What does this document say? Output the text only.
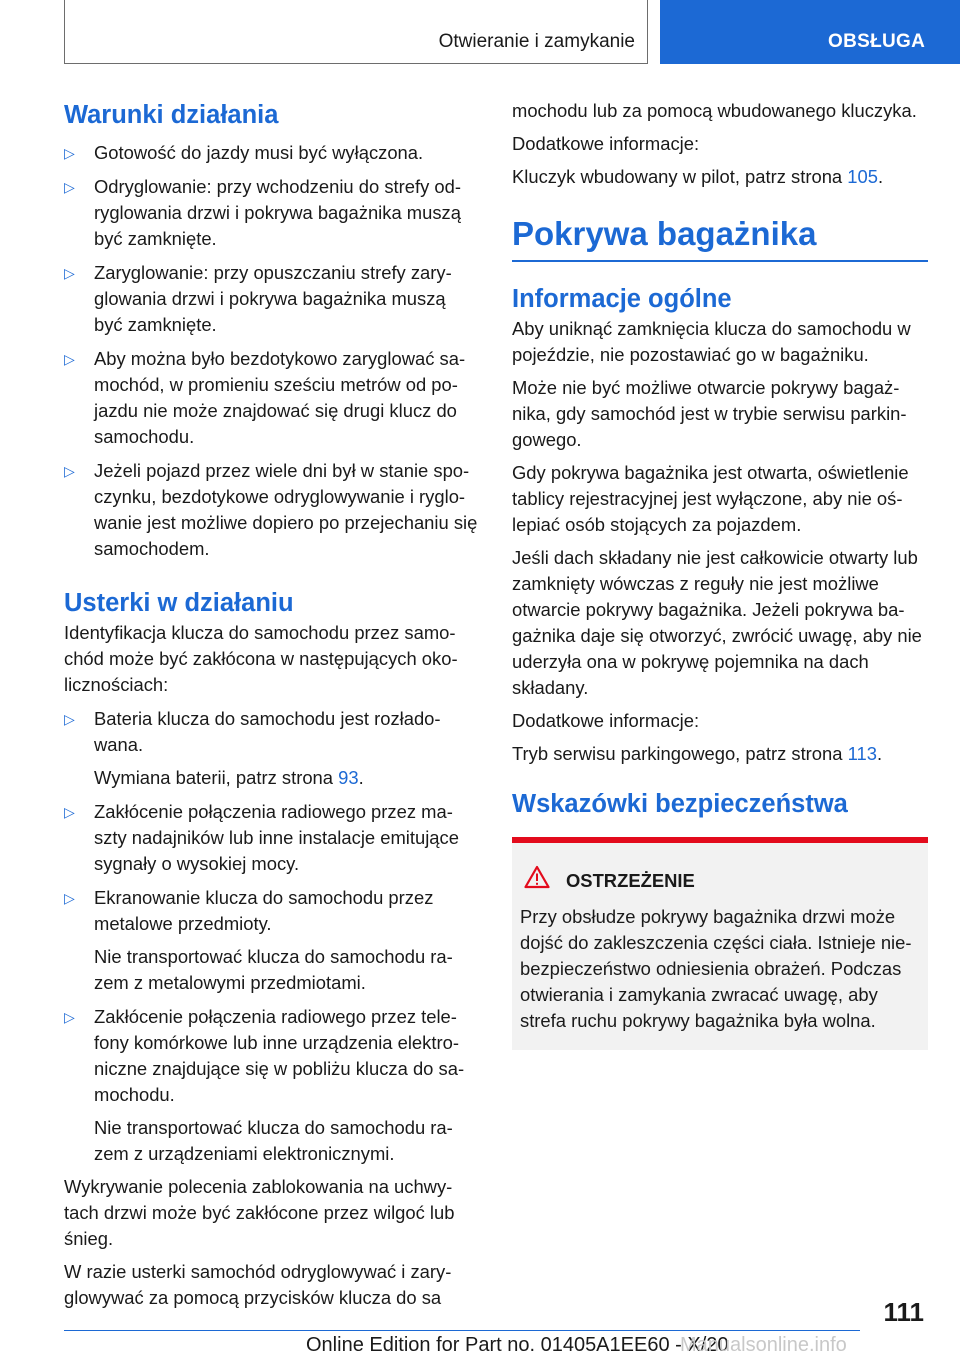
Otwieranie i zamykanie	OBSŁUGA
Warunki działania
▷ Gotowość do jazdy musi być wyłączona.

▷ Odryglowanie: przy wchodzeniu do strefy odryglowania drzwi i pokrywa bagażnika muszą być zamknięte.

▷ Zaryglowanie: przy opuszczaniu strefy zaryglowania drzwi i pokrywa bagażnika muszą być zamknięte.

▷ Aby można było bezdotykowo zaryglować samochód, w promieniu sześciu metrów od pojazdu nie może znajdować się drugi klucz do samochodu.

▷ Jeżeli pojazd przez wiele dni był w stanie spoczynku, bezdotykowe odryglowywanie i ryglowanie jest możliwe dopiero po przejechaniu się samochodem.

Usterki w działaniu

Identyfikacja klucza do samochodu przez samochód może być zakłócona w następujących okolicznościach:

▷ Bateria klucza do samochodu jest rozładowana.

Wymiana baterii, patrz strona 93.

▷ Zakłócenie połączenia radiowego przez maszty nadajników lub inne instalacje emitujące sygnały o wysokiej mocy.

▷ Ekranowanie klucza do samochodu przez metalowe przedmioty.

Nie transportować klucza do samochodu razem z metalowymi przedmiotami.

▷ Zakłócenie połączenia radiowego przez telefony komórkowe lub inne urządzenia elektroniczne znajdujące się w pobliżu klucza do samochodu.

Nie transportować klucza do samochodu razem z urządzeniami elektronicznymi.

Wykrywanie polecenia zablokowania na uchwytach drzwi może być zakłócone przez wilgoć lub śnieg.

W razie usterki samochód odryglowywać i zaryglowywać za pomocą przycisków klucza do sa

mochodu lub za pomocą wbudowanego kluczyka.

Dodatkowe informacje:

Kluczyk wbudowany w pilot, patrz strona 105.

Pokrywa bagażnika
Informacje ogólne

Aby uniknąć zamknięcia klucza do samochodu w pojeździe, nie pozostawiać go w bagażniku.

Może nie być możliwe otwarcie pokrywy bagażnika, gdy samochód jest w trybie serwisu parkingowego.

Gdy pokrywa bagażnika jest otwarta, oświetlenie tablicy rejestracyjnej jest wyłączone, aby nie oślepiać osób stojących za pojazdem.

Jeśli dach składany nie jest całkowicie otwarty lub zamknięty wówczas z reguły nie jest możliwe otwarcie pokrywy bagażnika. Jeżeli pokrywa bagażnika daje się otworzyć, zwrócić uwagę, aby nie uderzyła ona w pokrywę pojemnika na dach składany.

Dodatkowe informacje:

Tryb serwisu parkingowego, patrz strona 113.

Wskazówki bezpieczeństwa
OSTRZEŻENIE

Przy obsłudze pokrywy bagażnika drzwi może dojść do zakleszczenia części ciała. Istnieje niebezpieczeństwo odniesienia obrażeń. Podczas otwierania i zamykania zwracać uwagę, aby strefa ruchu pokrywy bagażnika była wolna.

111
Online Edition for Part no. 01405A1EE60 - X/20
Manualsonline.info
